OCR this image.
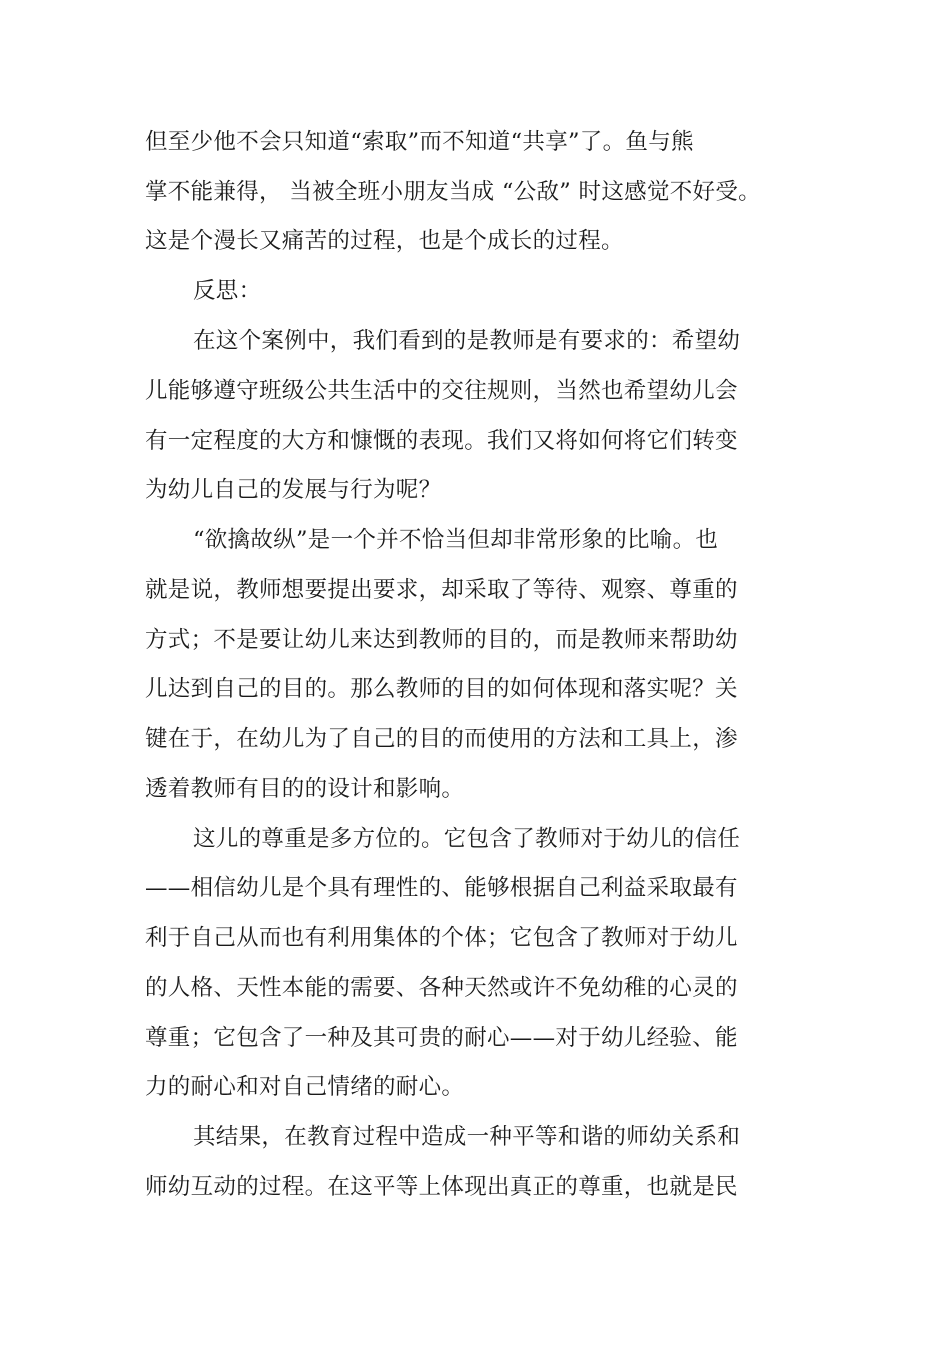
但至少他不会只知道“索取”而不知道“共享”了。鱼与熊
掌不能兼得， 当被全班小朋友当成 “公敌” 时这感觉不好受。
这是个漫长又痛苦的过程，也是个成长的过程。
反思：
在这个案例中，我们看到的是教师是有要求的：希望幼
儿能够遵守班级公共生活中的交往规则，当然也希望幼儿会
有一定程度的大方和慷慨的表现。我们又将如何将它们转变
为幼儿自己的发展与行为呢？
“欲擒故纵”是一个并不恰当但却非常形象的比喻。也
就是说，教师想要提出要求，却采取了等待、观察、尊重的
方式；不是要让幼儿来达到教师的目的，而是教师来帮助幼
儿达到自己的目的。那么教师的目的如何体现和落实呢？关
键在于，在幼儿为了自己的目的而使用的方法和工具上，渗
透着教师有目的的设计和影响。
这儿的尊重是多方位的。它包含了教师对于幼儿的信任
——相信幼儿是个具有理性的、能够根据自己利益采取最有
利于自己从而也有利用集体的个体；它包含了教师对于幼儿
的人格、天性本能的需要、各种天然或许不免幼稚的心灵的
尊重；它包含了一种及其可贵的耐心——对于幼儿经验、能
力的耐心和对自己情绪的耐心。
其结果，在教育过程中造成一种平等和谐的师幼关系和
师幼互动的过程。在这平等上体现出真正的尊重，也就是民
